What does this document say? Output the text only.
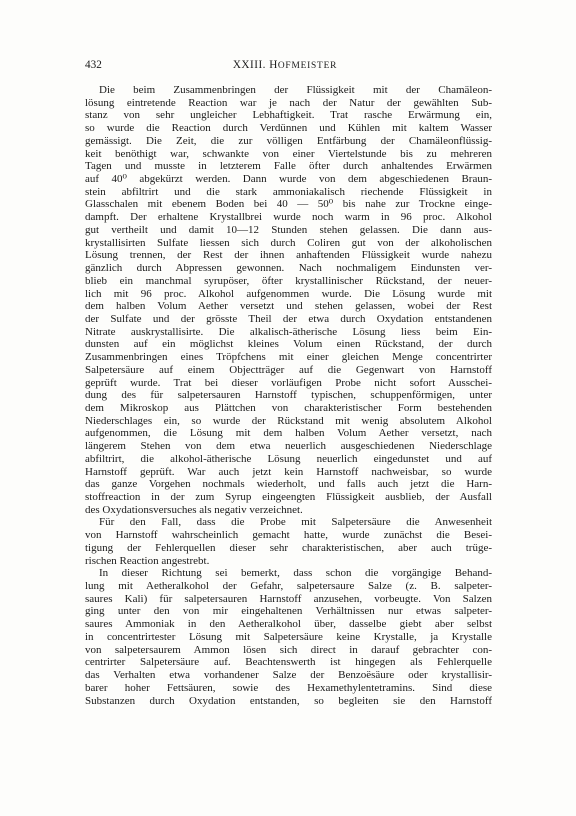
432	XXIII. HOFMEISTER
Die beim Zusammenbringen der Flüssigkeit mit der Chamäleon-
lösung eintretende Reaction war je nach der Natur der gewählten Sub-
stanz von sehr ungleicher Lebhaftigkeit. Trat rasche Erwärmung ein,
so wurde die Reaction durch Verdünnen und Kühlen mit kaltem Wasser
gemässigt. Die Zeit, die zur völligen Entfärbung der Chamäleonflüssig-
keit benöthigt war, schwankte von einer Viertelstunde bis zu mehreren
Tagen und musste in letzterem Falle öfter durch anhaltendes Erwärmen
auf 40⁰ abgekürzt werden. Dann wurde von dem abgeschiedenen Braun-
stein abfiltrirt und die stark ammoniakalisch riechende Flüssigkeit in
Glasschalen mit ebenem Boden bei 40 — 50⁰ bis nahe zur Trockne einge-
dampft. Der erhaltene Krystallbrei wurde noch warm in 96 proc. Alkohol
gut vertheilt und damit 10—12 Stunden stehen gelassen. Die dann aus-
krystallisirten Sulfate liessen sich durch Coliren gut von der alkoholischen
Lösung trennen, der Rest der ihnen anhaftenden Flüssigkeit wurde nahezu
gänzlich durch Abpressen gewonnen. Nach nochmaligem Eindunsten ver-
blieb ein manchmal syrupöser, öfter krystallinischer Rückstand, der neuer-
lich mit 96 proc. Alkohol aufgenommen wurde. Die Lösung wurde mit
dem halben Volum Aether versetzt und stehen gelassen, wobei der Rest
der Sulfate und der grösste Theil der etwa durch Oxydation entstandenen
Nitrate auskrystallisirte. Die alkalisch-ätherische Lösung liess beim Ein-
dunsten auf ein möglichst kleines Volum einen Rückstand, der durch
Zusammenbringen eines Tröpfchens mit einer gleichen Menge concentrirter
Salpetersäure auf einem Objectträger auf die Gegenwart von Harnstoff
geprüft wurde. Trat bei dieser vorläufigen Probe nicht sofort Ausschei-
dung des für salpetersauren Harnstoff typischen, schuppenförmigen, unter
dem Mikroskop aus Plättchen von charakteristischer Form bestehenden
Niederschlages ein, so wurde der Rückstand mit wenig absolutem Alkohol
aufgenommen, die Lösung mit dem halben Volum Aether versetzt, nach
längerem Stehen von dem etwa neuerlich ausgeschiedenen Niederschlage
abfiltrirt, die alkohol-ätherische Lösung neuerlich eingedunstet und auf
Harnstoff geprüft. War auch jetzt kein Harnstoff nachweisbar, so wurde
das ganze Vorgehen nochmals wiederholt, und falls auch jetzt die Harn-
stoffreaction in der zum Syrup eingeengten Flüssigkeit ausblieb, der Ausfall
des Oxydationsversuches als negativ verzeichnet.
Für den Fall, dass die Probe mit Salpetersäure die Anwesenheit
von Harnstoff wahrscheinlich gemacht hatte, wurde zunächst die Besei-
tigung der Fehlerquellen dieser sehr charakteristischen, aber auch trüge-
rischen Reaction angestrebt.
In dieser Richtung sei bemerkt, dass schon die vorgängige Behand-
lung mit Aetheralkohol der Gefahr, salpetersaure Salze (z. B. salpeter-
saures Kali) für salpetersauren Harnstoff anzusehen, vorbeugte. Von Salzen
ging unter den von mir eingehaltenen Verhältnissen nur etwas salpeter-
saures Ammoniak in den Aetheralkohol über, dasselbe giebt aber selbst
in concentrirtester Lösung mit Salpetersäure keine Krystalle, ja Krystalle
von salpetersaurem Ammon lösen sich direct in darauf gebrachter con-
centrirter Salpetersäure auf. Beachtenswerth ist hingegen als Fehlerquelle
das Verhalten etwa vorhandener Salze der Benzoësäure oder krystallisir-
barer hoher Fettsäuren, sowie des Hexamethylentetramins. Sind diese
Substanzen durch Oxydation entstanden, so begleiten sie den Harnstoff
